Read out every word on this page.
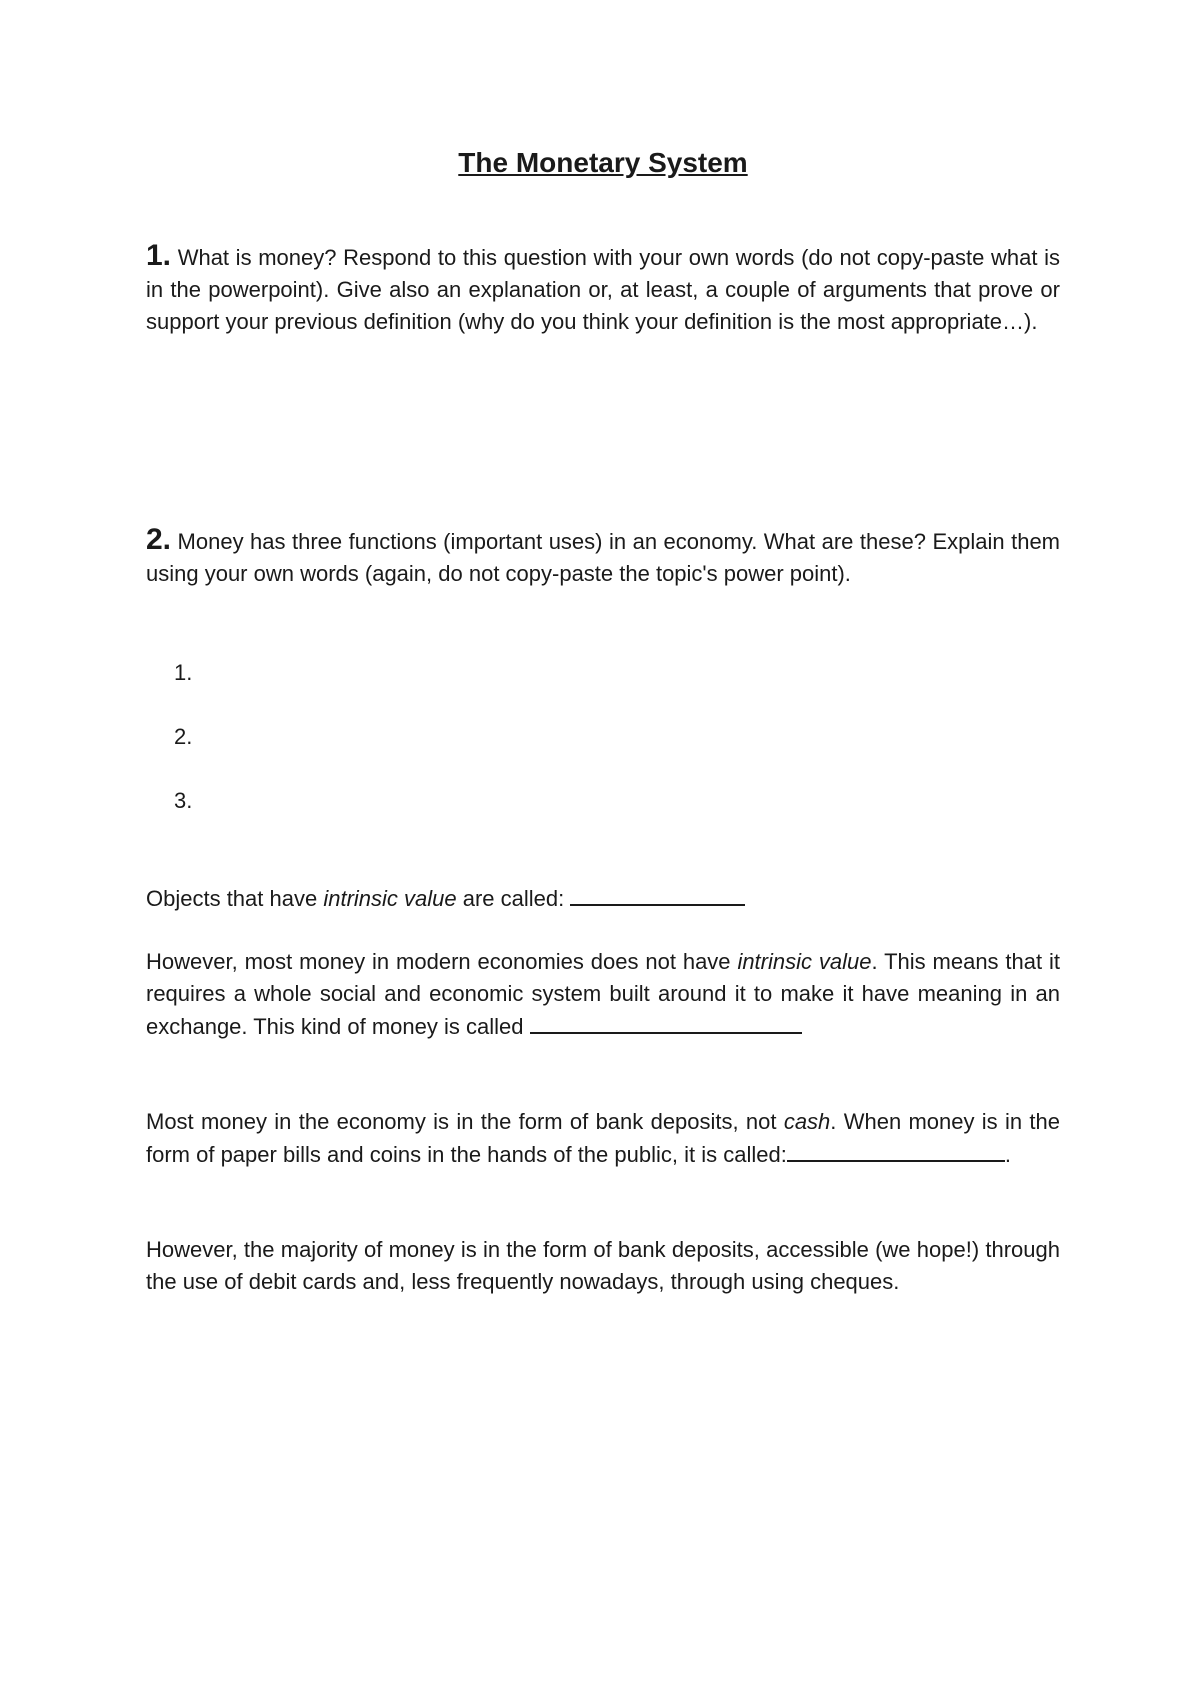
The Monetary System

1. What is money? Respond to this question with your own words (do not copy-paste what is in the powerpoint). Give also an explanation or, at least, a couple of arguments that prove or support your previous definition (why do you think your definition is the most appropriate…).

2. Money has three functions (important uses) in an economy. What are these? Explain them using your own words (again, do not copy-paste the topic's power point).

1.

2.

3.

Objects that have intrinsic value are called:

However, most money in modern economies does not have intrinsic value. This means that it requires a whole social and economic system built around it to make it have meaning in an exchange. This kind of money is called

Most money in the economy is in the form of bank deposits, not cash. When money is in the form of paper bills and coins in the hands of the public, it is called:	.

However, the majority of money is in the form of bank deposits, accessible (we hope!) through the use of debit cards and, less frequently nowadays, through using cheques.
